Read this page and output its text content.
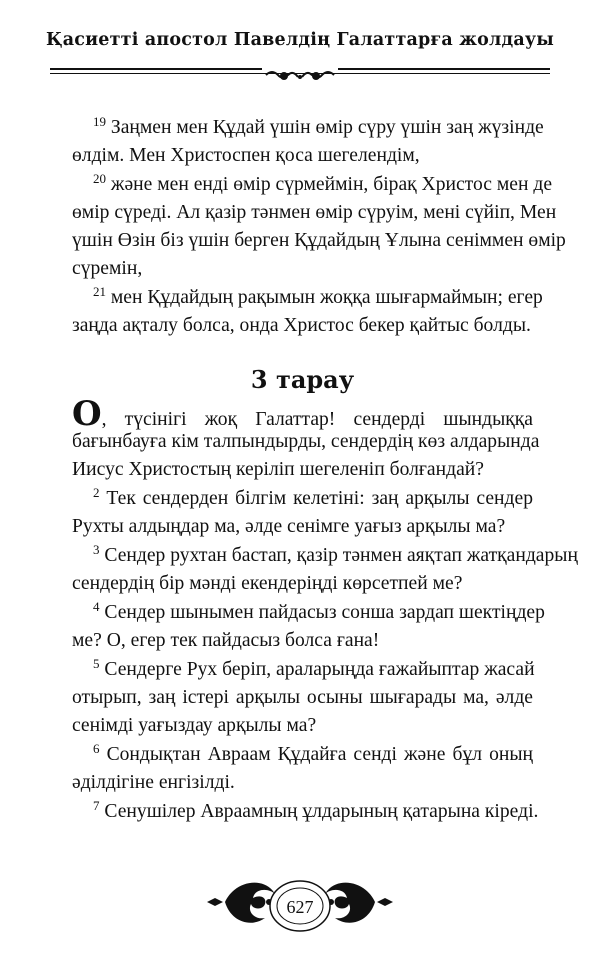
Қасиетті апостол Павелдің Галаттарға жолдауы
$^{19}$ Заңмен мен Құдай үшін өмір сүру үшін заң жүзінде
өлдім. Мен Христоспен қоса шегелендім,
$^{20}$ және мен енді өмір сүрмеймін, бірақ Христос мен де
өмір сүреді. Ал қазір тәнмен өмір сүруім, мені сүйіп, Мен
үшін Өзін біз үшін берген Құдайдың Ұлына сеніммен өмір
сүремін,
$^{21}$ мен Құдайдың рақымын жоққа шығармаймын; егер
заңда ақталу болса, онда Христос бекер қайтыс болды.
3 тарау
О, түсінігі жоқ Галаттар! сендерді шындыққа
бағынбауға кім талпындырды, сендердің көз алдарында
Иисус Христостың керіліп шегеленіп болғандай?
$^2$ Тек сендерден білгім келетіні: заң арқылы сендер
Рухты алдыңдар ма, әлде сенімге уағыз арқылы ма?
$^3$ Сендер рухтан бастап, қазір тәнмен аяқтап жатқандарың
сендердің бір мәнді екендеріңді көрсетпей ме?
$^4$ Сендер шынымен пайдасыз сонша зардап шектіңдер
ме? О, егер тек пайдасыз болса ғана!
$^5$ Сендерге Рух беріп, араларыңда ғажайыптар жасай
отырып, заң істері арқылы осыны шығарады ма, әлде
сенімді уағыздау арқылы ма?
$^6$ Сондықтан Авраам Құдайға сенді және бұл оның
әділдігіне енгізілді.
$^7$ Сенушілер Авраамның ұлдарының қатарына кіреді.
627
